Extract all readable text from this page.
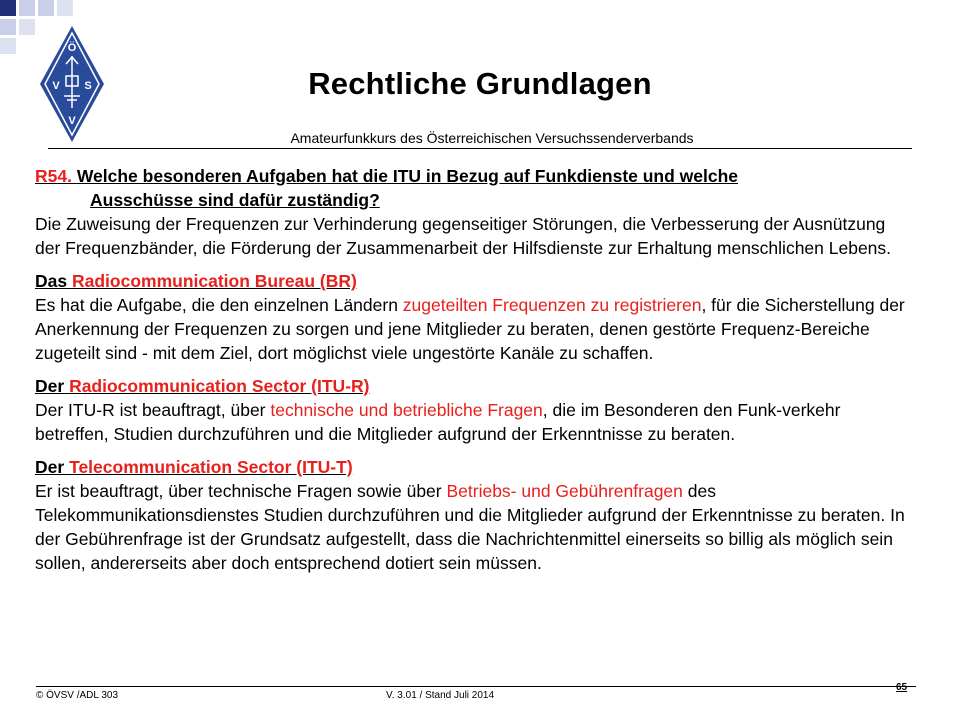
Ö
V S
V
Rechtliche Grundlagen
Amateurfunkkurs des Österreichischen Versuchssenderverbands
R54. Welche besonderen Aufgaben hat die ITU in Bezug auf Funkdienste und welche
Ausschüsse sind dafür zuständig?

Die Zuweisung der Frequenzen zur Verhinderung gegenseitiger Störungen, die Verbesserung der Ausnützung der Frequenzbänder, die Förderung der Zusammenarbeit der Hilfsdienste zur Erhaltung menschlichen Lebens.

Das Radiocommunication Bureau (BR)

Es hat die Aufgabe, die den einzelnen Ländern zugeteilten Frequenzen zu registrieren, für die Sicherstellung der Anerkennung der Frequenzen zu sorgen und jene Mitglieder zu beraten, denen gestörte Frequenz-Bereiche zugeteilt sind - mit dem Ziel, dort möglichst viele ungestörte Kanäle zu schaffen.

Der Radiocommunication Sector (ITU-R)

Der ITU-R ist beauftragt, über technische und betriebliche Fragen, die im Besonderen den Funk-verkehr betreffen, Studien durchzuführen und die Mitglieder aufgrund der Erkenntnisse zu beraten.

Der Telecommunication Sector (ITU-T)

Er ist beauftragt, über technische Fragen sowie über Betriebs- und Gebührenfragen des Telekommunikationsdienstes Studien durchzuführen und die Mitglieder aufgrund der Erkenntnisse zu beraten. In der Gebührenfrage ist der Grundsatz aufgestellt, dass die Nachrichtenmittel einerseits so billig als möglich sein sollen, andererseits aber doch entsprechend dotiert sein müssen.

© ÖVSV /ADL 303	V. 3.01 / Stand Juli 2014
65
